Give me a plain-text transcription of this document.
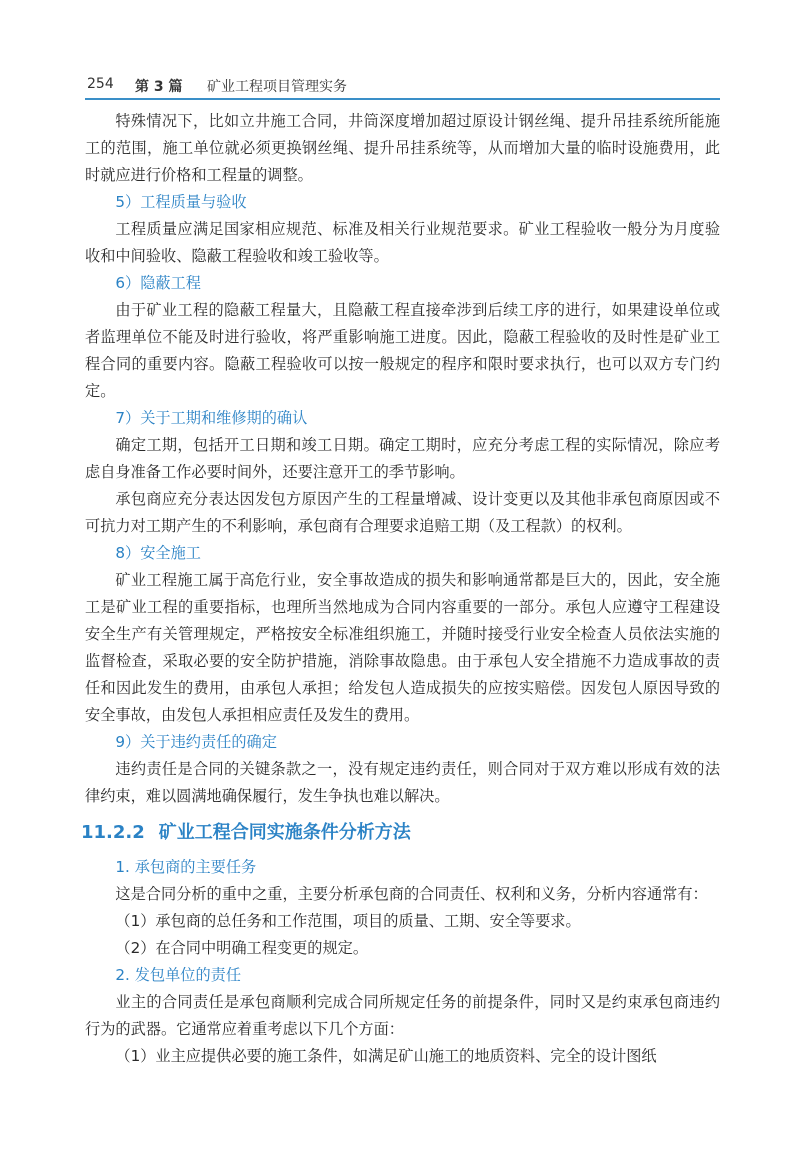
254 第 3 篇 矿业工程项目管理实务

特殊情况下，比如立井施工合同，井筒深度增加超过原设计钢丝绳、提升吊挂系统所能施工的范围，施工单位就必须更换钢丝绳、提升吊挂系统等，从而增加大量的临时设施费用，此时就应进行价格和工程量的调整。

5）工程质量与验收

工程质量应满足国家相应规范、标准及相关行业规范要求。矿业工程验收一般分为月度验收和中间验收、隐蔽工程验收和竣工验收等。

6）隐蔽工程

由于矿业工程的隐蔽工程量大，且隐蔽工程直接牵涉到后续工序的进行，如果建设单位或者监理单位不能及时进行验收，将严重影响施工进度。因此，隐蔽工程验收的及时性是矿业工程合同的重要内容。隐蔽工程验收可以按一般规定的程序和限时要求执行，也可以双方专门约定。

7）关于工期和维修期的确认

确定工期，包括开工日期和竣工日期。确定工期时，应充分考虑工程的实际情况，除应考虑自身准备工作必要时间外，还要注意开工的季节影响。

承包商应充分表达因发包方原因产生的工程量增减、设计变更以及其他非承包商原因或不可抗力对工期产生的不利影响，承包商有合理要求追赔工期（及工程款）的权利。

8）安全施工

矿业工程施工属于高危行业，安全事故造成的损失和影响通常都是巨大的，因此，安全施工是矿业工程的重要指标，也理所当然地成为合同内容重要的一部分。承包人应遵守工程建设安全生产有关管理规定，严格按安全标准组织施工，并随时接受行业安全检查人员依法实施的监督检查，采取必要的安全防护措施，消除事故隐患。由于承包人安全措施不力造成事故的责任和因此发生的费用，由承包人承担；给发包人造成损失的应按实赔偿。因发包人原因导致的安全事故，由发包人承担相应责任及发生的费用。

9）关于违约责任的确定

违约责任是合同的关键条款之一，没有规定违约责任，则合同对于双方难以形成有效的法律约束，难以圆满地确保履行，发生争执也难以解决。

11.2.2 矿业工程合同实施条件分析方法

1. 承包商的主要任务

这是合同分析的重中之重，主要分析承包商的合同责任、权利和义务，分析内容通常有：

（1）承包商的总任务和工作范围，项目的质量、工期、安全等要求。

（2）在合同中明确工程变更的规定。

2. 发包单位的责任

业主的合同责任是承包商顺利完成合同所规定任务的前提条件，同时又是约束承包商违约行为的武器。它通常应着重考虑以下几个方面：

（1）业主应提供必要的施工条件，如满足矿山施工的地质资料、完全的设计图纸
